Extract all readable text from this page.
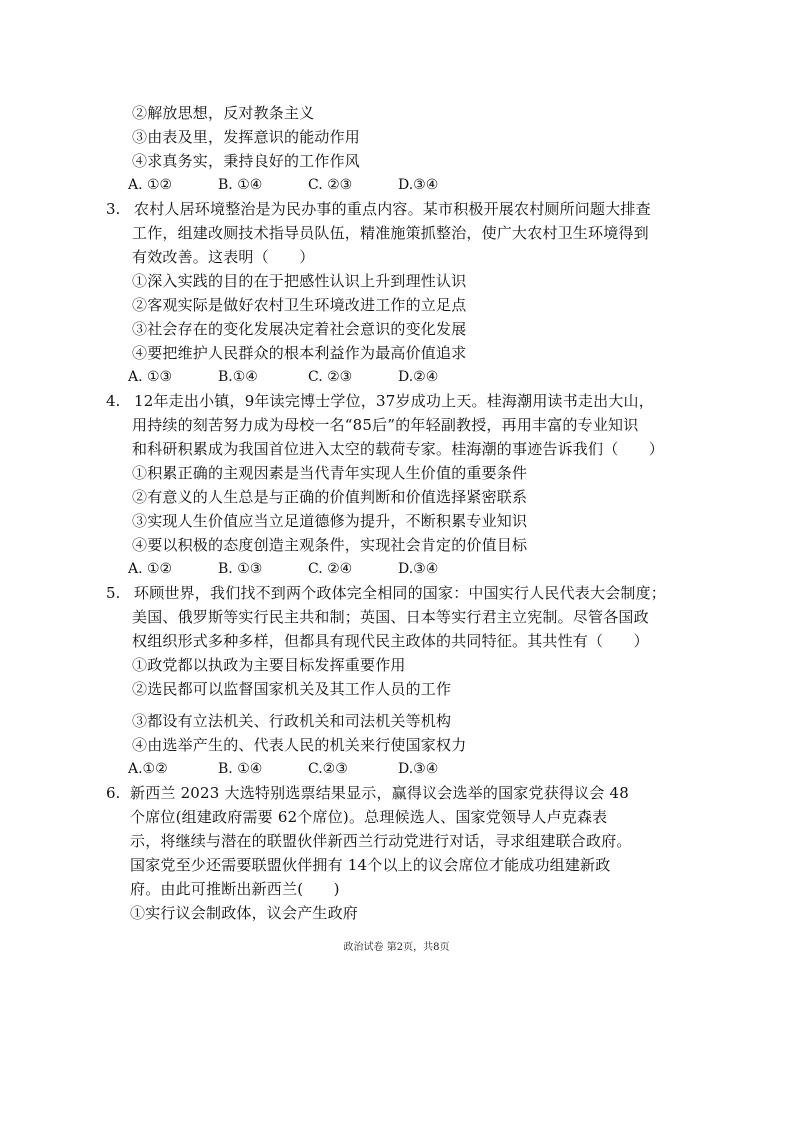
②解放思想，反对教条主义
③由表及里，发挥意识的能动作用
④求真务实，秉持良好的工作作风
A. ①②	B. ①④	C. ②③	D.③④
3. 农村人居环境整治是为民办事的重点内容。某市积极开展农村厕所问题大排查
工作，组建改厕技术指导员队伍，精准施策抓整治，使广大农村卫生环境得到
有效改善。这表明（　　）
①深入实践的目的在于把感性认识上升到理性认识
②客观实际是做好农村卫生环境改进工作的立足点
③社会存在的变化发展决定着社会意识的变化发展
④要把维护人民群众的根本利益作为最高价值追求
A. ①③	B.①④	C. ②③	D.②④
4. 12年走出小镇，9年读完博士学位，37岁成功上天。桂海潮用读书走出大山，
用持续的刻苦努力成为母校一名“85后”的年轻副教授，再用丰富的专业知识
和科研积累成为我国首位进入太空的载荷专家。桂海潮的事迹告诉我们（　　）
①积累正确的主观因素是当代青年实现人生价值的重要条件
②有意义的人生总是与正确的价值判断和价值选择紧密联系
③实现人生价值应当立足道德修为提升，不断积累专业知识
④要以积极的态度创造主观条件，实现社会肯定的价值目标
A. ①②	B. ①③	C. ②④	D.③④
5. 环顾世界，我们找不到两个政体完全相同的国家：中国实行人民代表大会制度；
美国、俄罗斯等实行民主共和制；英国、日本等实行君主立宪制。尽管各国政
权组织形式多种多样，但都具有现代民主政体的共同特征。其共性有（　　）
①政党都以执政为主要目标发挥重要作用
②选民都可以监督国家机关及其工作人员的工作
③都设有立法机关、行政机关和司法机关等机构
④由选举产生的、代表人民的机关来行使国家权力
A.①②	B. ①④	C.②③	D.③④
6. 新西兰 2023 大选特别选票结果显示，赢得议会选举的国家党获得议会 48
个席位(组建政府需要 62个席位)。总理候选人、国家党领导人卢克森表
示，将继续与潜在的联盟伙伴新西兰行动党进行对话，寻求组建联合政府。
国家党至少还需要联盟伙伴拥有 14个以上的议会席位才能成功组建新政
府。由此可推断出新西兰(　　)
①实行议会制政体，议会产生政府
政治试卷 第2页，共8页
